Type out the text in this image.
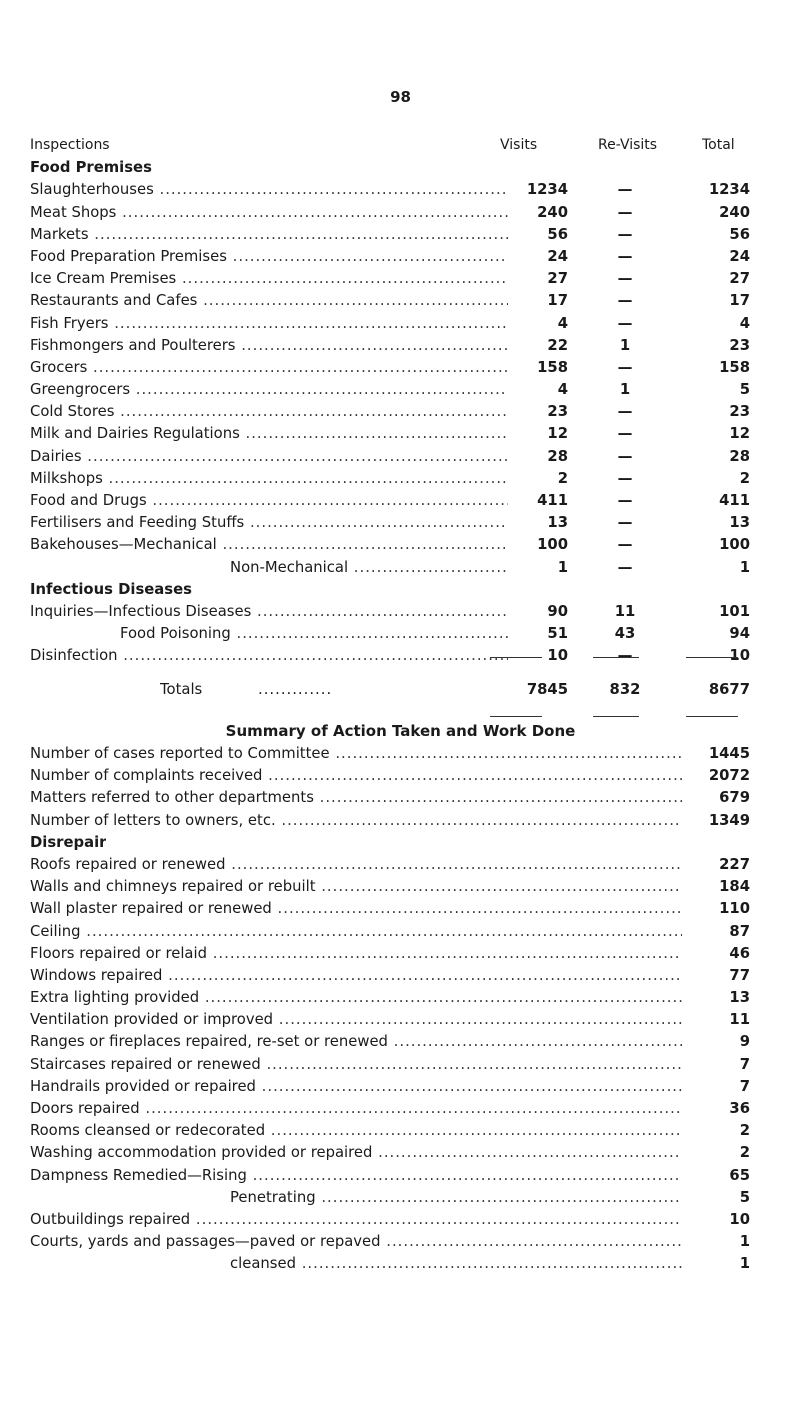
98
Inspections	Visits	Re-Visits	Total
Food Premises
Slaughterhouses .....	1234	—	1234
Meat Shops .....	240	—	240
Markets .....	56	—	56
Food Preparation Premises .....	24	—	24
Ice Cream Premises .....	27	—	27
Restaurants and Cafes .....	17	—	17
Fish Fryers .....	4	—	4
Fishmongers and Poulterers .....	22	1	23
Grocers .....	158	—	158
Greengrocers .....	4	1	5
Cold Stores .....	23	—	23
Milk and Dairies Regulations .....	12	—	12
Dairies .....	28	—	28
Milkshops .....	2	—	2
Food and Drugs .....	411	—	411
Fertilisers and Feeding Stuffs .....	13	—	13
Bakehouses—Mechanical .....	100	—	100
Non-Mechanical .....	1	—	1
Infectious Diseases
Inquiries—Infectious Diseases .....	90	11	101
Food Poisoning .....	51	43	94
Disinfection .....	10	—	10
Totals	.............	7845	832	8677
Summary of Action Taken and Work Done
Number of cases reported to Committee .....	1445
Number of complaints received .....	2072
Matters referred to other departments .....	679
Number of letters to owners, etc. .....	1349
Disrepair
Roofs repaired or renewed .....	227
Walls and chimneys repaired or rebuilt .....	184
Wall plaster repaired or renewed .....	110
Ceiling .....	87
Floors repaired or relaid .....	46
Windows repaired .....	77
Extra lighting provided .....	13
Ventilation provided or improved .....	11
Ranges or fireplaces repaired, re-set or renewed .....	9
Staircases repaired or renewed .....	7
Handrails provided or repaired .....	7
Doors repaired .....	36
Rooms cleansed or redecorated .....	2
Washing accommodation provided or repaired .....	2
Dampness Remedied—Rising .....	65
Penetrating .....	5
Outbuildings repaired .....	10
Courts, yards and passages—paved or repaved .....	1
cleansed .....	1
